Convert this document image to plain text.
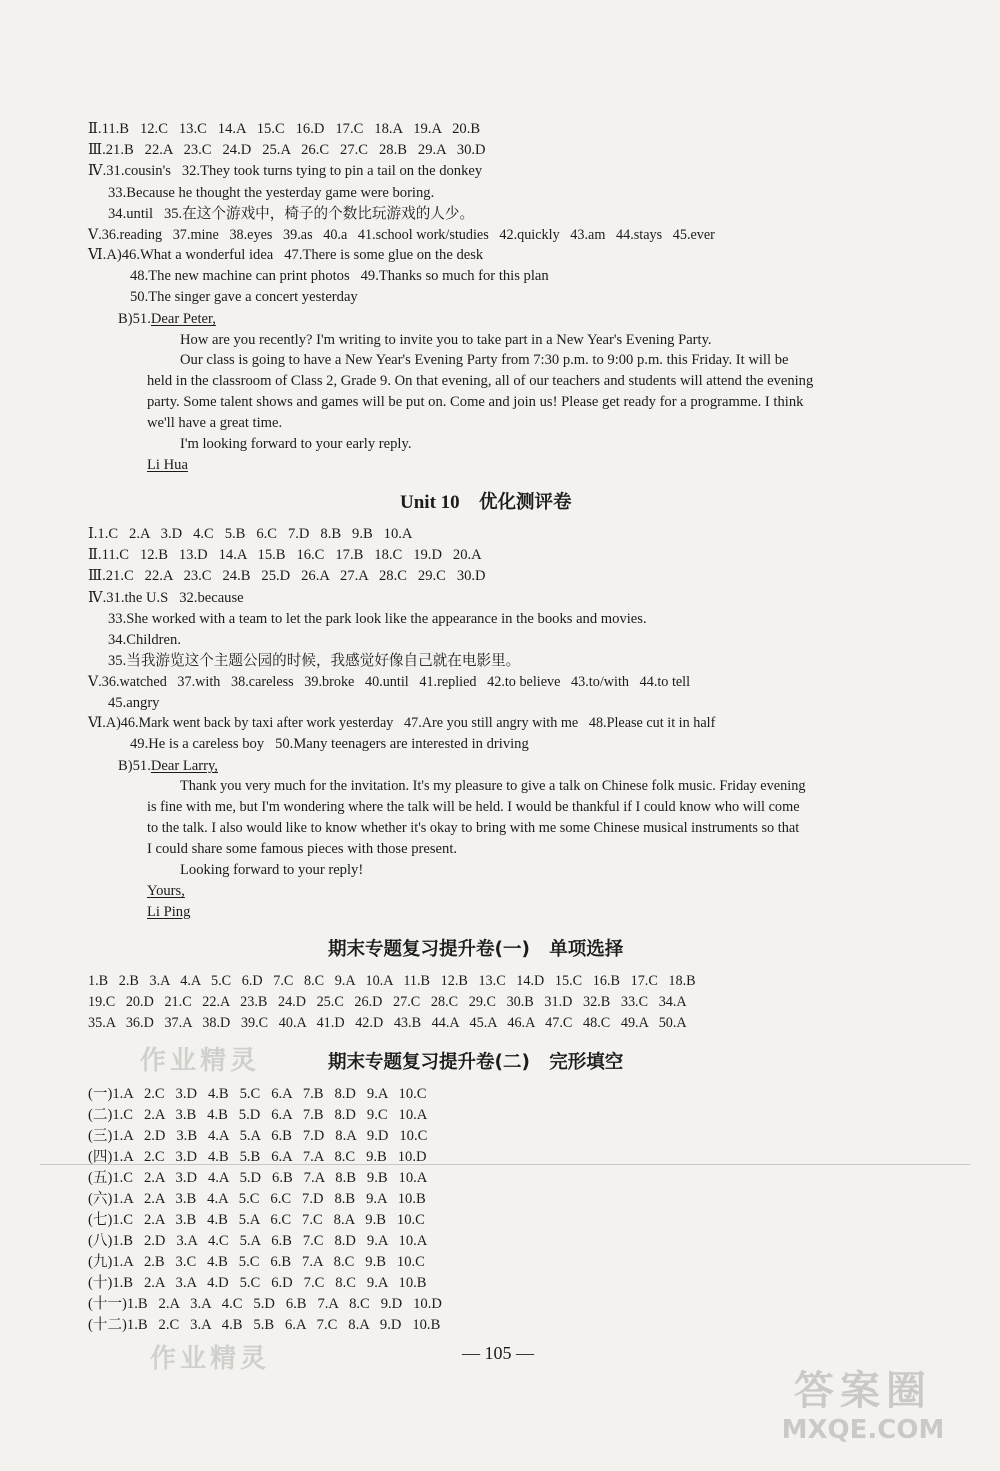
Ⅱ.11.B   12.C   13.C   14.A   15.C   16.D   17.C   18.A   19.A   20.B
Ⅲ.21.B   22.A   23.C   24.D   25.A   26.C   27.C   28.B   29.A   30.D
Ⅳ.31.cousin's   32.They took turns tying to pin a tail on the donkey
33.Because he thought the yesterday game were boring.
34.until   35.在这个游戏中，椅子的个数比玩游戏的人少。
Ⅴ.36.reading   37.mine   38.eyes   39.as   40.a   41.school work/studies   42.quickly   43.am   44.stays   45.ever
Ⅵ.A)46.What a wonderful idea   47.There is some glue on the desk
48.The new machine can print photos   49.Thanks so much for this plan
50.The singer gave a concert yesterday
B)51.Dear Peter,
How are you recently? I'm writing to invite you to take part in a New Year's Evening Party.
Our class is going to have a New Year's Evening Party from 7:30 p.m. to 9:00 p.m. this Friday. It will be
held in the classroom of Class 2, Grade 9. On that evening, all of our teachers and students will attend the evening
party. Some talent shows and games will be put on. Come and join us! Please get ready for a programme. I think
we'll have a great time.
I'm looking forward to your early reply.
Li Hua
Unit 10 优化测评卷
Ⅰ.1.C   2.A   3.D   4.C   5.B   6.C   7.D   8.B   9.B   10.A
Ⅱ.11.C   12.B   13.D   14.A   15.B   16.C   17.B   18.C   19.D   20.A
Ⅲ.21.C   22.A   23.C   24.B   25.D   26.A   27.A   28.C   29.C   30.D
Ⅳ.31.the U.S   32.because
33.She worked with a team to let the park look like the appearance in the books and movies.
34.Children.
35.当我游览这个主题公园的时候，我感觉好像自己就在电影里。
Ⅴ.36.watched   37.with   38.careless   39.broke   40.until   41.replied   42.to believe   43.to/with   44.to tell
45.angry
Ⅵ.A)46.Mark went back by taxi after work yesterday   47.Are you still angry with me   48.Please cut it in half
49.He is a careless boy   50.Many teenagers are interested in driving
B)51.Dear Larry,
Thank you very much for the invitation. It's my pleasure to give a talk on Chinese folk music. Friday evening
is fine with me, but I'm wondering where the talk will be held. I would be thankful if I could know who will come
to the talk. I also would like to know whether it's okay to bring with me some Chinese musical instruments so that
I could share some famous pieces with those present.
Looking forward to your reply!
Yours,
Li Ping
期末专题复习提升卷(一)   单项选择
1.B   2.B   3.A   4.A   5.C   6.D   7.C   8.C   9.A   10.A   11.B   12.B   13.C   14.D   15.C   16.B   17.C   18.B
19.C   20.D   21.C   22.A   23.B   24.D   25.C   26.D   27.C   28.C   29.C   30.B   31.D   32.B   33.C   34.A
35.A   36.D   37.A   38.D   39.C   40.A   41.D   42.D   43.B   44.A   45.A   46.A   47.C   48.C   49.A   50.A
作业精灵	期末专题复习提升卷(二)   完形填空
(一)1.A   2.C   3.D   4.B   5.C   6.A   7.B   8.D   9.A   10.C
(二)1.C   2.A   3.B   4.B   5.D   6.A   7.B   8.D   9.C   10.A
(三)1.A   2.D   3.B   4.A   5.A   6.B   7.D   8.A   9.D   10.C
(四)1.A   2.C   3.D   4.B   5.B   6.A   7.A   8.C   9.B   10.D
(五)1.C   2.A   3.D   4.A   5.D   6.B   7.A   8.B   9.B   10.A
(六)1.A   2.A   3.B   4.A   5.C   6.C   7.D   8.B   9.A   10.B
(七)1.C   2.A   3.B   4.B   5.A   6.C   7.C   8.A   9.B   10.C
(八)1.B   2.D   3.A   4.C   5.A   6.B   7.C   8.D   9.A   10.A
(九)1.A   2.B   3.C   4.B   5.C   6.B   7.A   8.C   9.B   10.C
(十)1.B   2.A   3.A   4.D   5.C   6.D   7.C   8.C   9.A   10.B
(十一)1.B   2.A   3.A   4.C   5.D   6.B   7.A   8.C   9.D   10.D
(十二)1.B   2.C   3.A   4.B   5.B   6.A   7.C   8.A   9.D   10.B
作业精灵	— 105 —
答案圈
MXQE.COM
